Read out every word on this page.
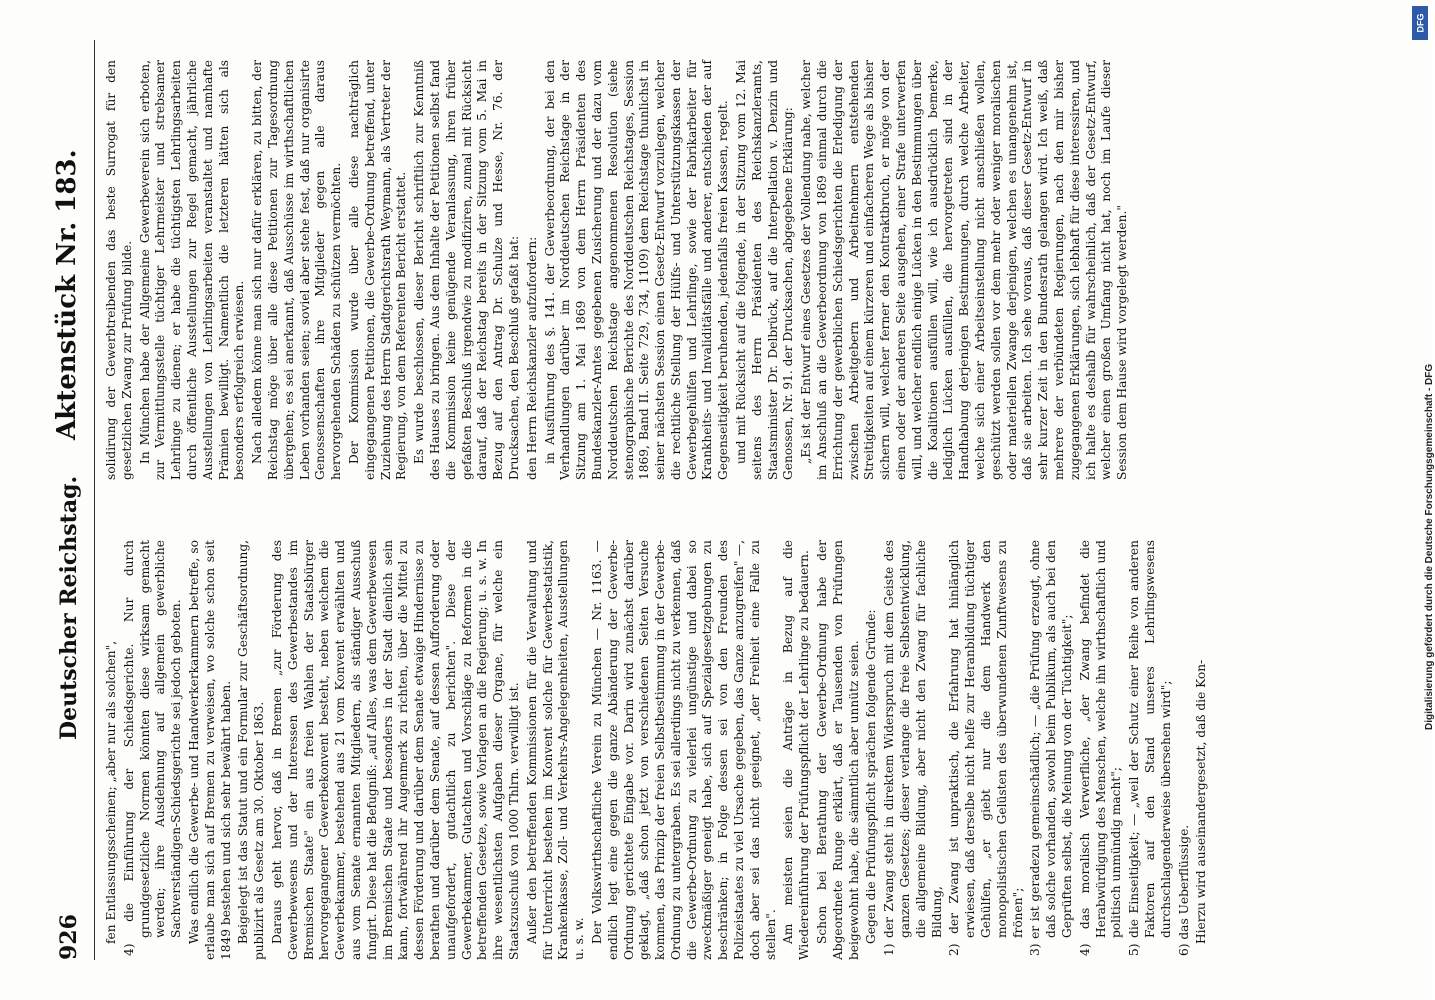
926
Deutscher Reichstag.
Aktenstück Nr. 183.

fen Entlassungsscheinen; „aber nur als solchen", 4) die Einführung der Schiedsgerichte. Nur durch grundgesetzliche Normen könnten diese wirksam gemacht werden; ihre Ausdehnung auf allgemein gewerbliche Sachverständigen-Schiedsgerichte sei jedoch geboten. Was endlich die Gewerbe- und Handwerkerkammern betreffe, so erlaube man sich auf Bremen zu verweisen, wo solche schon seit 1849 bestehen und sich sehr bewährt haben. Beigelegt ist das Statut und ein Formular zur Geschäftsordnung, publizirt als Gesetz am 30. Oktober 1863. Daraus geht hervor, daß in Bremen „zur Förderung des Gewerbewesens und der Interessen des Gewerbestandes im Bremischen Staate" ein aus freien Wahlen der Staatsbürger hervorgegangener Gewerbekonvent besteht, neben welchem die Gewerbekammer, bestehend aus 21 vom Konvent erwählten und aus vom Senate ernannten Mitgliedern, als ständiger Ausschuß fungirt. Diese hat die Befugniß: „auf Alles, was dem Gewerbewesen im Bremischen Staate und besonders in der Stadt dienlich sein kann, fortwährend ihr Augenmerk zu richten, über die Mittel zu dessen Förderung und darüber dem Senate etwaige Hindernisse zu berathen und darüber dem Senate, auf dessen Aufforderung oder unaufgefordert, gutachtlich zu berichten". Diese der Gewerbekammer, Gutachten und Vorschläge zu Reformen in die betreffenden Gesetze, sowie Vorlagen an die Regierung; u. s. w. In ihre wesentlichsten Aufgaben dieser Organe, für welche ein Staatszuschuß von 1000 Thlrn. verwilligt ist. Außer den betreffenden Kommissionen für die Verwaltung und für Unterricht bestehen im Konvent solche für Gewerbestatistik, Krankenkasse, Zoll- und Verkehrs-Angelegenheiten, Ausstellungen u. s. w. Der Volkswirthschaftliche Verein zu München — Nr. 1163. — endlich legt eine gegen die ganze Abänderung der Gewerbe-Ordnung gerichtete Eingabe vor. Darin wird zunächst darüber geklagt, „daß schon jetzt von verschiedenen Seiten Versuche kommen, das Prinzip der freien Selbstbestimmung in der Gewerbe-Ordnung zu untergraben. Es sei allerdings nicht zu verkennen, daß die Gewerbe-Ordnung zu vielerlei ungünstige und dabei so zweckmäßiger geneigt habe, sich auf Spezialgesetzgebungen zu beschränken; in Folge dessen sei von den Freunden des Polizeistaates zu viel Ursache gegeben, das Ganze anzugreifen" —, doch aber sei das nicht geeignet, „der Freiheit eine Falle zu stellen". Am meisten seien die Anträge in Bezug auf die Wiedereinführung der Prüfungspflicht der Lehrlinge zu bedauern. Schon bei Berathung der Gewerbe-Ordnung habe der Abgeordnete Runge erklärt, daß er Tausenden von Prüfungen beigewohnt habe, die sämmtlich aber unnütz seien. Gegen die Prüfungspflicht sprächen folgende Gründe: 1) der Zwang steht in direktem Widerspruch mit dem Geiste des ganzen Gesetzes; dieser verlange die freie Selbstentwicklung, die allgemeine Bildung, aber nicht den Zwang für fachliche Bildung, 2) der Zwang ist unpraktisch, die Erfahrung hat hinlänglich erwiesen, daß derselbe nicht helfe zur Heranbildung tüchtiger Gehülfen, „er giebt nur die dem Handwerk den monopolistischen Gelüsten des überwundenen Zunftwesens zu frönen"; 3) er ist geradezu gemeinschädlich; — „die Prüfung erzeugt, ohne daß solche vorhanden, sowohl beim Publikum, als auch bei den Geprüften selbst, die Meinung von der Tüchtigkeit"; 4) das moralisch Verwerfliche, „der Zwang befindet die Herabwürdigung des Menschen, welche ihn wirthschaftlich und politisch unmündig macht"; 5) die Einseitigkeit; — „weil der Schutz einer Reihe von anderen Faktoren auf den Stand unseres Lehrlingswesens durchschlagenderweise übersehen wird"; 6) das Ueberflüssige. Hierzu wird auseinandergesetzt, daß die Kon-

solidirung der Gewerbtreibenden das beste Surrogat für den gesetzlichen Zwang zur Prüfung bilde. In München habe der Allgemeine Gewerbeverein sich erboten, zur Vermittlungsstelle tüchtiger Lehrmeister und strebsamer Lehrlinge zu dienen; er habe die tüchtigsten Lehrlingsarbeiten durch öffentliche Ausstellungen zur Regel gemacht, jährliche Ausstellungen von Lehrlingsarbeiten veranstaltet und namhafte Prämien bewilligt. Namentlich die letzteren hätten sich als besonders erfolgreich erwiesen. Nach alledem könne man sich nur dafür erklären, zu bitten, der Reichstag möge über alle diese Petitionen zur Tagesordnung übergehen; es sei anerkannt, daß Ausschüsse im wirthschaftlichen Leben vorhanden seien; soviel aber stehe fest, daß nur organisirte Genossenschaften ihre Mitglieder gegen alle daraus hervorgehenden Schäden zu schützen vermöchten. Der Kommission wurde über alle diese nachträglich eingegangenen Petitionen, die Gewerbe-Ordnung betreffend, unter Zuziehung des Herrn Stadtgerichtsrath Weymann, als Vertreter der Regierung, von dem Referenten Bericht erstattet. Es wurde beschlossen, dieser Bericht schriftlich zur Kenntniß des Hauses zu bringen. Aus dem Inhalte der Petitionen selbst fand die Kommission keine genügende Veranlassung, ihren früher gefaßten Beschluß irgendwie zu modifiziren, zumal mit Rücksicht darauf, daß der Reichstag bereits in der Sitzung vom 5. Mai in Bezug auf den Antrag Dr. Schulze und Hesse, Nr. 76. der Drucksachen, den Beschluß gefaßt hat: den Herrn Reichskanzler aufzufordern: in Ausführung des §. 141. der Gewerbeordnung, der bei den Verhandlungen darüber im Norddeutschen Reichstage in der Sitzung am 1. Mai 1869 von dem Herrn Präsidenten des Bundeskanzler-Amtes gegebenen Zusicherung und der dazu vom Norddeutschen Reichstage angenommenen Resolution (siehe stenographische Berichte des Norddeutschen Reichstages, Session 1869, Band II. Seite 729, 734, 1109) dem Reichstage thunlichst in seiner nächsten Session einen Gesetz-Entwurf vorzulegen, welcher die rechtliche Stellung der Hülfs- und Unterstützungskassen der Gewerbegehülfen und Lehrlinge, sowie der Fabrikarbeiter für Krankheits- und Invaliditätsfälle und anderer, entschieden der auf Gegenseitigkeit beruhenden, jedenfalls freien Kassen, regelt. und mit Rücksicht auf die folgende, in der Sitzung vom 12. Mai seitens des Herrn Präsidenten des Reichskanzleramts, Staatsminister Dr. Delbrück, auf die Interpellation v. Denzin und Genossen, Nr. 91. der Drucksachen, abgegebene Erklärung: „Es ist der Entwurf eines Gesetzes der Vollendung nahe, welcher im Anschluß an die Gewerbeordnung von 1869 einmal durch die Errichtung der gewerblichen Schiedsgerichten die Erledigung der zwischen Arbeitgebern und Arbeitnehmern entstehenden Streitigkeiten auf einem kürzeren und einfacheren Wege als bisher sichern will, welcher ferner den Kontraktbruch, er möge von der einen oder der anderen Seite ausgehen, einer Strafe unterwerfen will, und welcher endlich einige Lücken in den Bestimmungen über die Koalitionen ausfüllen will, wie ich ausdrücklich bemerke, lediglich Lücken ausfüllen, die hervorgetreten sind in der Handhabung derjenigen Bestimmungen, durch welche Arbeiter, welche sich einer Arbeitseinstellung nicht anschließen wollen, geschützt werden sollen vor dem mehr oder weniger moralischen oder materiellen Zwange derjenigen, welchen es unangenehm ist, daß sie arbeiten. Ich sehe voraus, daß dieser Gesetz-Entwurf in sehr kurzer Zeit in den Bundesrath gelangen wird. Ich weiß, daß mehrere der verbündeten Regierungen, nach den mir bisher zugegangenen Erklärungen, sich lebhaft für diese interessiren, und ich halte es deshalb für wahrscheinlich, daß der Gesetz-Entwurf, welcher einen großen Umfang nicht hat, noch im Laufe dieser Session dem Hause wird vorgelegt werden."

DFG
Digitalisierung gefördert durch die Deutsche Forschungsgemeinschaft - DFG
